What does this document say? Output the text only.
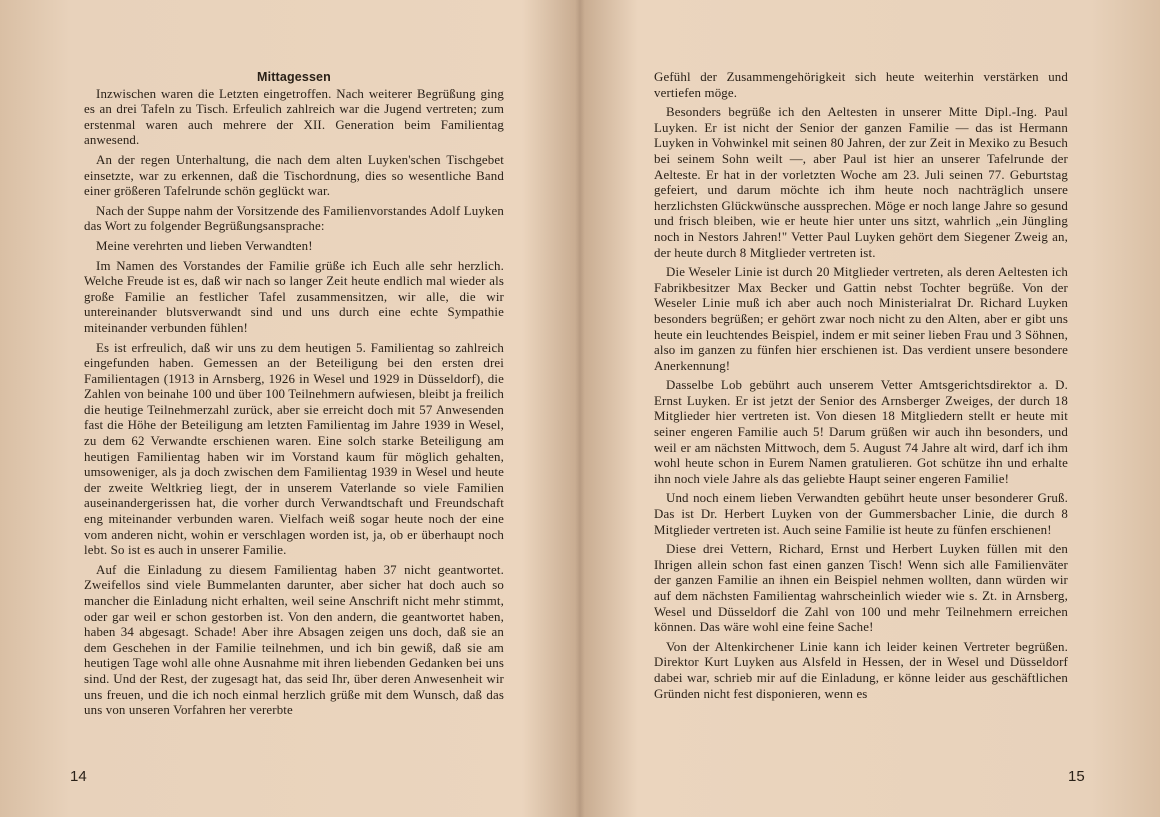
Mittagessen

Inzwischen waren die Letzten eingetroffen. Nach weiterer Begrüßung ging es an drei Tafeln zu Tisch. Erfeulich zahlreich war die Jugend vertreten; zum erstenmal waren auch mehrere der XII. Generation beim Familientag anwesend.

An der regen Unterhaltung, die nach dem alten Luyken'schen Tischgebet einsetzte, war zu erkennen, daß die Tischordnung, dies so wesentliche Band einer größeren Tafelrunde schön geglückt war.

Nach der Suppe nahm der Vorsitzende des Familienvorstandes Adolf Luyken das Wort zu folgender Begrüßungsansprache:

Meine verehrten und lieben Verwandten!

Im Namen des Vorstandes der Familie grüße ich Euch alle sehr herzlich. Welche Freude ist es, daß wir nach so langer Zeit heute endlich mal wieder als große Familie an festlicher Tafel zusammensitzen, wir alle, die wir untereinander blutsverwandt sind und uns durch eine echte Sympathie miteinander verbunden fühlen!

Es ist erfreulich, daß wir uns zu dem heutigen 5. Familientag so zahlreich eingefunden haben. Gemessen an der Beteiligung bei den ersten drei Familientagen (1913 in Arnsberg, 1926 in Wesel und 1929 in Düsseldorf), die Zahlen von beinahe 100 und über 100 Teilnehmern aufwiesen, bleibt ja freilich die heutige Teilnehmerzahl zurück, aber sie erreicht doch mit 57 Anwesenden fast die Höhe der Beteiligung am letzten Familientag im Jahre 1939 in Wesel, zu dem 62 Verwandte erschienen waren. Eine solch starke Beteiligung am heutigen Familientag haben wir im Vorstand kaum für möglich gehalten, umsoweniger, als ja doch zwischen dem Familientag 1939 in Wesel und heute der zweite Weltkrieg liegt, der in unserem Vaterlande so viele Familien auseinandergerissen hat, die vorher durch Verwandtschaft und Freundschaft eng miteinander verbunden waren. Vielfach weiß sogar heute noch der eine vom anderen nicht, wohin er verschlagen worden ist, ja, ob er überhaupt noch lebt. So ist es auch in unserer Familie.

Auf die Einladung zu diesem Familientag haben 37 nicht geantwortet. Zweifellos sind viele Bummelanten darunter, aber sicher hat doch auch so mancher die Einladung nicht erhalten, weil seine Anschrift nicht mehr stimmt, oder gar weil er schon gestorben ist. Von den andern, die geantwortet haben, haben 34 abgesagt. Schade! Aber ihre Absagen zeigen uns doch, daß sie an dem Geschehen in der Familie teilnehmen, und ich bin gewiß, daß sie am heutigen Tage wohl alle ohne Ausnahme mit ihren liebenden Gedanken bei uns sind. Und der Rest, der zugesagt hat, das seid Ihr, über deren Anwesenheit wir uns freuen, und die ich noch einmal herzlich grüße mit dem Wunsch, daß das uns von unseren Vorfahren her vererbte

14

Gefühl der Zusammengehörigkeit sich heute weiterhin verstärken und vertiefen möge.

Besonders begrüße ich den Aeltesten in unserer Mitte Dipl.-Ing. Paul Luyken. Er ist nicht der Senior der ganzen Familie — das ist Hermann Luyken in Vohwinkel mit seinen 80 Jahren, der zur Zeit in Mexiko zu Besuch bei seinem Sohn weilt —, aber Paul ist hier an unserer Tafelrunde der Aelteste. Er hat in der vorletzten Woche am 23. Juli seinen 77. Geburtstag gefeiert, und darum möchte ich ihm heute noch nachträglich unsere herzlichsten Glückwünsche aussprechen. Möge er noch lange Jahre so gesund und frisch bleiben, wie er heute hier unter uns sitzt, wahrlich „ein Jüngling noch in Nestors Jahren!" Vetter Paul Luyken gehört dem Siegener Zweig an, der heute durch 8 Mitglieder vertreten ist.

Die Weseler Linie ist durch 20 Mitglieder vertreten, als deren Aeltesten ich Fabrikbesitzer Max Becker und Gattin nebst Tochter begrüße. Von der Weseler Linie muß ich aber auch noch Ministerialrat Dr. Richard Luyken besonders begrüßen; er gehört zwar noch nicht zu den Alten, aber er gibt uns heute ein leuchtendes Beispiel, indem er mit seiner lieben Frau und 3 Söhnen, also im ganzen zu fünfen hier erschienen ist. Das verdient unsere besondere Anerkennung!

Dasselbe Lob gebührt auch unserem Vetter Amtsgerichtsdirektor a. D. Ernst Luyken. Er ist jetzt der Senior des Arnsberger Zweiges, der durch 18 Mitglieder hier vertreten ist. Von diesen 18 Mitgliedern stellt er heute mit seiner engeren Familie auch 5! Darum grüßen wir auch ihn besonders, und weil er am nächsten Mittwoch, dem 5. August 74 Jahre alt wird, darf ich ihm wohl heute schon in Eurem Namen gratulieren. Got schütze ihn und erhalte ihn noch viele Jahre als das geliebte Haupt seiner engeren Familie!

Und noch einem lieben Verwandten gebührt heute unser besonderer Gruß. Das ist Dr. Herbert Luyken von der Gummersbacher Linie, die durch 8 Mitglieder vertreten ist. Auch seine Familie ist heute zu fünfen erschienen!

Diese drei Vettern, Richard, Ernst und Herbert Luyken füllen mit den Ihrigen allein schon fast einen ganzen Tisch! Wenn sich alle Familienväter der ganzen Familie an ihnen ein Beispiel nehmen wollten, dann würden wir auf dem nächsten Familientag wahrscheinlich wieder wie s. Zt. in Arnsberg, Wesel und Düsseldorf die Zahl von 100 und mehr Teilnehmern erreichen können. Das wäre wohl eine feine Sache!

Von der Altenkirchener Linie kann ich leider keinen Vertreter begrüßen. Direktor Kurt Luyken aus Alsfeld in Hessen, der in Wesel und Düsseldorf dabei war, schrieb mir auf die Einladung, er könne leider aus geschäftlichen Gründen nicht fest disponieren, wenn es

15
